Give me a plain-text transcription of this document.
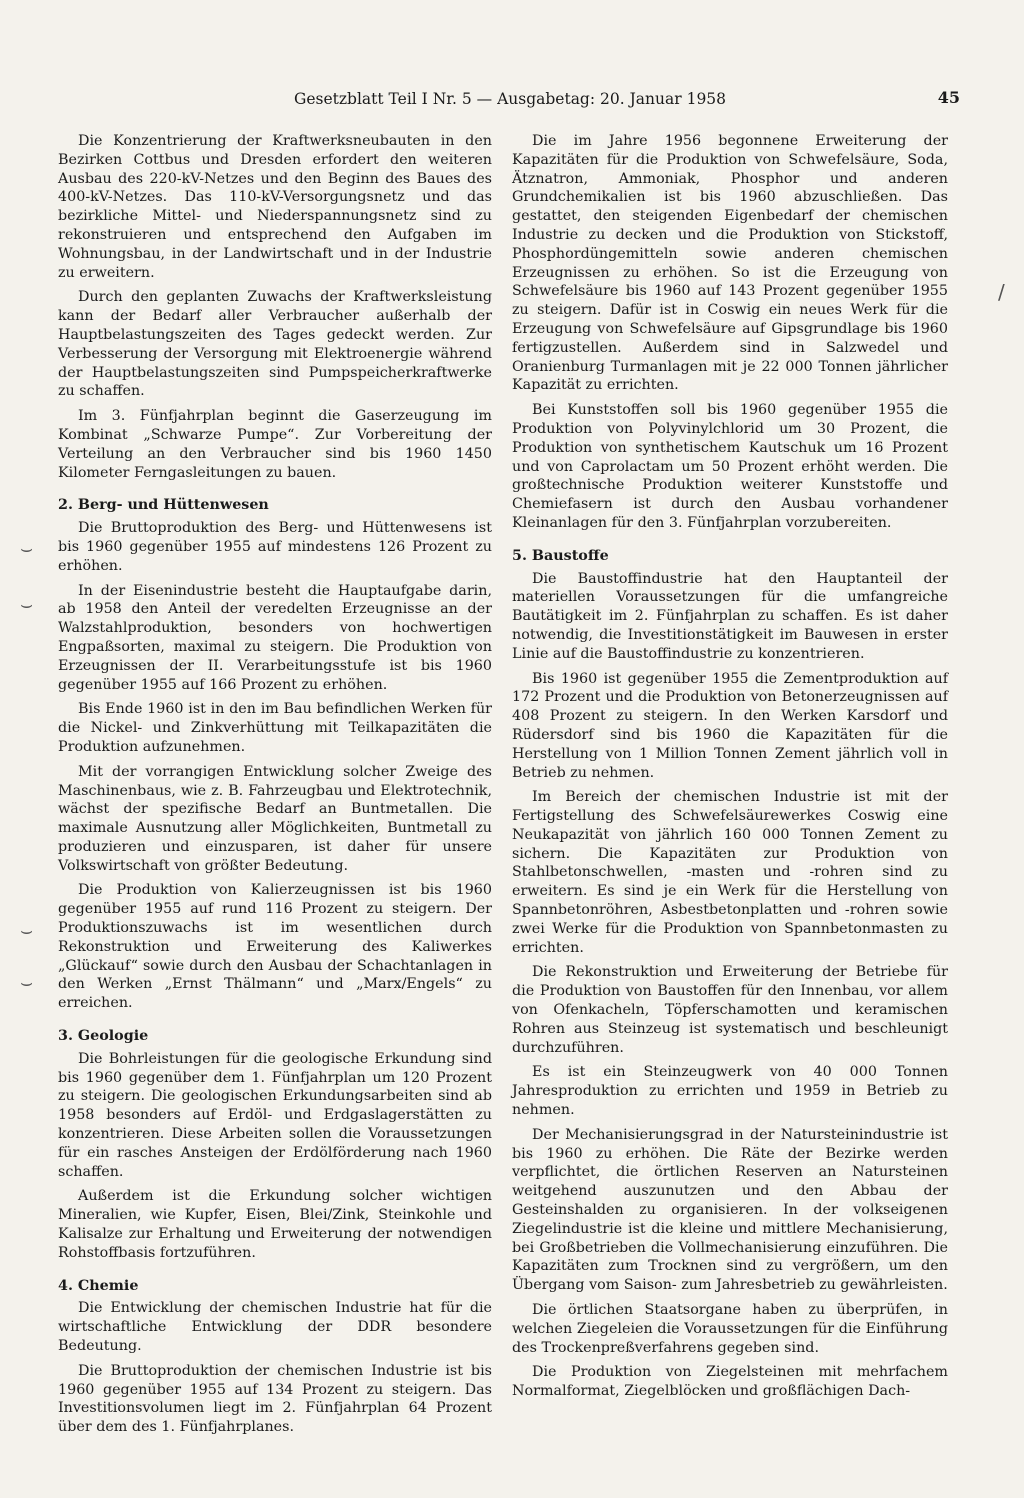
Gesetzblatt Teil I Nr. 5 — Ausgabetag: 20. Januar 1958	45

Die Konzentrierung der Kraftwerksneubauten in den Bezirken Cottbus und Dresden erfordert den weiteren Ausbau des 220-kV-Netzes und den Beginn des Baues des 400-kV-Netzes. Das 110-kV-Versorgungsnetz und das bezirkliche Mittel- und Niederspannungsnetz sind zu rekonstruieren und entsprechend den Aufgaben im Wohnungsbau, in der Landwirtschaft und in der Industrie zu erweitern.

Durch den geplanten Zuwachs der Kraftwerksleistung kann der Bedarf aller Verbraucher außerhalb der Hauptbelastungszeiten des Tages gedeckt werden. Zur Verbesserung der Versorgung mit Elektroenergie während der Hauptbelastungszeiten sind Pumpspeicherkraftwerke zu schaffen.

Im 3. Fünfjahrplan beginnt die Gaserzeugung im Kombinat „Schwarze Pumpe“. Zur Vorbereitung der Verteilung an den Verbraucher sind bis 1960 1450 Kilometer Ferngasleitungen zu bauen.

2. Berg- und Hüttenwesen

Die Bruttoproduktion des Berg- und Hüttenwesens ist bis 1960 gegenüber 1955 auf mindestens 126 Prozent zu erhöhen.

In der Eisenindustrie besteht die Hauptaufgabe darin, ab 1958 den Anteil der veredelten Erzeugnisse an der Walzstahlproduktion, besonders von hochwertigen Engpaßsorten, maximal zu steigern. Die Produktion von Erzeugnissen der II. Verarbeitungsstufe ist bis 1960 gegenüber 1955 auf 166 Prozent zu erhöhen.

Bis Ende 1960 ist in den im Bau befindlichen Werken für die Nickel- und Zinkverhüttung mit Teilkapazitäten die Produktion aufzunehmen.

Mit der vorrangigen Entwicklung solcher Zweige des Maschinenbaus, wie z. B. Fahrzeugbau und Elektrotechnik, wächst der spezifische Bedarf an Buntmetallen. Die maximale Ausnutzung aller Möglichkeiten, Buntmetall zu produzieren und einzusparen, ist daher für unsere Volkswirtschaft von größter Bedeutung.

Die Produktion von Kalierzeugnissen ist bis 1960 gegenüber 1955 auf rund 116 Prozent zu steigern. Der Produktionszuwachs ist im wesentlichen durch Rekonstruktion und Erweiterung des Kaliwerkes „Glückauf“ sowie durch den Ausbau der Schachtanlagen in den Werken „Ernst Thälmann“ und „Marx/Engels“ zu erreichen.

3. Geologie

Die Bohrleistungen für die geologische Erkundung sind bis 1960 gegenüber dem 1. Fünfjahrplan um 120 Prozent zu steigern. Die geologischen Erkundungsarbeiten sind ab 1958 besonders auf Erdöl- und Erdgaslagerstätten zu konzentrieren. Diese Arbeiten sollen die Voraussetzungen für ein rasches Ansteigen der Erdölförderung nach 1960 schaffen.

Außerdem ist die Erkundung solcher wichtigen Mineralien, wie Kupfer, Eisen, Blei/Zink, Steinkohle und Kalisalze zur Erhaltung und Erweiterung der notwendigen Rohstoffbasis fortzuführen.

4. Chemie

Die Entwicklung der chemischen Industrie hat für die wirtschaftliche Entwicklung der DDR besondere Bedeutung.

Die Bruttoproduktion der chemischen Industrie ist bis 1960 gegenüber 1955 auf 134 Prozent zu steigern. Das Investitionsvolumen liegt im 2. Fünfjahrplan 64 Prozent über dem des 1. Fünfjahrplanes.

Die im Jahre 1956 begonnene Erweiterung der Kapazitäten für die Produktion von Schwefelsäure, Soda, Ätznatron, Ammoniak, Phosphor und anderen Grundchemikalien ist bis 1960 abzuschließen. Das gestattet, den steigenden Eigenbedarf der chemischen Industrie zu decken und die Produktion von Stickstoff, Phosphordüngemitteln sowie anderen chemischen Erzeugnissen zu erhöhen. So ist die Erzeugung von Schwefelsäure bis 1960 auf 143 Prozent gegenüber 1955 zu steigern. Dafür ist in Coswig ein neues Werk für die Erzeugung von Schwefelsäure auf Gipsgrundlage bis 1960 fertigzustellen. Außerdem sind in Salzwedel und Oranienburg Turmanlagen mit je 22 000 Tonnen jährlicher Kapazität zu errichten.

Bei Kunststoffen soll bis 1960 gegenüber 1955 die Produktion von Polyvinylchlorid um 30 Prozent, die Produktion von synthetischem Kautschuk um 16 Prozent und von Caprolactam um 50 Prozent erhöht werden. Die großtechnische Produktion weiterer Kunststoffe und Chemiefasern ist durch den Ausbau vorhandener Kleinanlagen für den 3. Fünfjahrplan vorzubereiten.

5. Baustoffe

Die Baustoffindustrie hat den Hauptanteil der materiellen Voraussetzungen für die umfangreiche Bautätigkeit im 2. Fünfjahrplan zu schaffen. Es ist daher notwendig, die Investitionstätigkeit im Bauwesen in erster Linie auf die Baustoffindustrie zu konzentrieren.

Bis 1960 ist gegenüber 1955 die Zementproduktion auf 172 Prozent und die Produktion von Betonerzeugnissen auf 408 Prozent zu steigern. In den Werken Karsdorf und Rüdersdorf sind bis 1960 die Kapazitäten für die Herstellung von 1 Million Tonnen Zement jährlich voll in Betrieb zu nehmen.

Im Bereich der chemischen Industrie ist mit der Fertigstellung des Schwefelsäurewerkes Coswig eine Neukapazität von jährlich 160 000 Tonnen Zement zu sichern. Die Kapazitäten zur Produktion von Stahlbetonschwellen, -masten und -rohren sind zu erweitern. Es sind je ein Werk für die Herstellung von Spannbetonröhren, Asbestbetonplatten und -rohren sowie zwei Werke für die Produktion von Spannbetonmasten zu errichten.

Die Rekonstruktion und Erweiterung der Betriebe für die Produktion von Baustoffen für den Innenbau, vor allem von Ofenkacheln, Töpferschamotten und keramischen Rohren aus Steinzeug ist systematisch und beschleunigt durchzuführen.

Es ist ein Steinzeugwerk von 40 000 Tonnen Jahresproduktion zu errichten und 1959 in Betrieb zu nehmen.

Der Mechanisierungsgrad in der Natursteinindustrie ist bis 1960 zu erhöhen. Die Räte der Bezirke werden verpflichtet, die örtlichen Reserven an Natursteinen weitgehend auszunutzen und den Abbau der Gesteinshalden zu organisieren. In der volkseigenen Ziegelindustrie ist die kleine und mittlere Mechanisierung, bei Großbetrieben die Vollmechanisierung einzuführen. Die Kapazitäten zum Trocknen sind zu vergrößern, um den Übergang vom Saison- zum Jahresbetrieb zu gewährleisten.

Die örtlichen Staatsorgane haben zu überprüfen, in welchen Ziegeleien die Voraussetzungen für die Einführung des Trockenpreßverfahrens gegeben sind.

Die Produktion von Ziegelsteinen mit mehrfachem Normalformat, Ziegelblöcken und großflächigen Dach-

⌣
⌣
⌣
⌣
/
